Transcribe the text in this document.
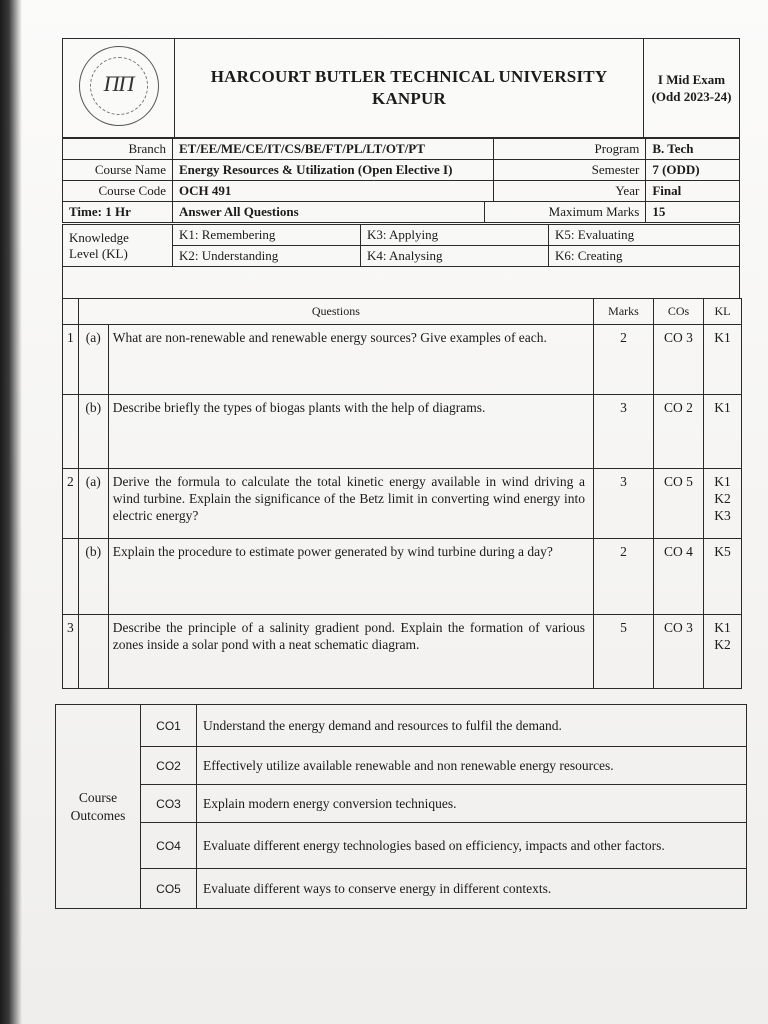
ПП	HARCOURT BUTLER TECHNICAL UNIVERSITY
KANPUR

I Mid Exam
(Odd 2023-24)
Branch	ET/EE/ME/CE/IT/CS/BE/FT/PL/LT/OT/PT		Program	B. Tech
Course Name	Energy Resources & Utilization (Open Elective I)		Semester	7 (ODD)
Course Code	OCH 491		Year	Final
Time: 1 Hr	Answer All Questions	Maximum Marks		15
Knowledge
Level (KL)	K1: Remembering	K3: Applying	K5: Evaluating
	K2: Understanding	K4: Analysing	K6: Creating
	Questions		Marks	COs	KL
1	(a)	What are non-renewable and renewable energy sources? Give examples of each.	2	CO 3	K1

	(b)	Describe briefly the types of biogas plants with the help of diagrams.	3	CO 2	K1

2	(a)	Derive the formula to calculate the total kinetic energy available in wind driving a wind turbine. Explain the significance of the Betz limit in converting wind energy into electric energy?	3	CO 5	K1
K2
K3

	(b)	Explain the procedure to estimate power generated by wind turbine during a day?	2	CO 4	K5

3		Describe the principle of a salinity gradient pond. Explain the formation of various zones inside a solar pond with a neat schematic diagram.	5	CO 3	K1
K2
Course
Outcomes	CO1	Understand the energy demand and resources to fulfil the demand.
	CO2	Effectively utilize available renewable and non renewable energy resources.
	CO3	Explain modern energy conversion techniques.
	CO4	Evaluate different energy technologies based on efficiency, impacts and other factors.
	CO5	Evaluate different ways to conserve energy in different contexts.
